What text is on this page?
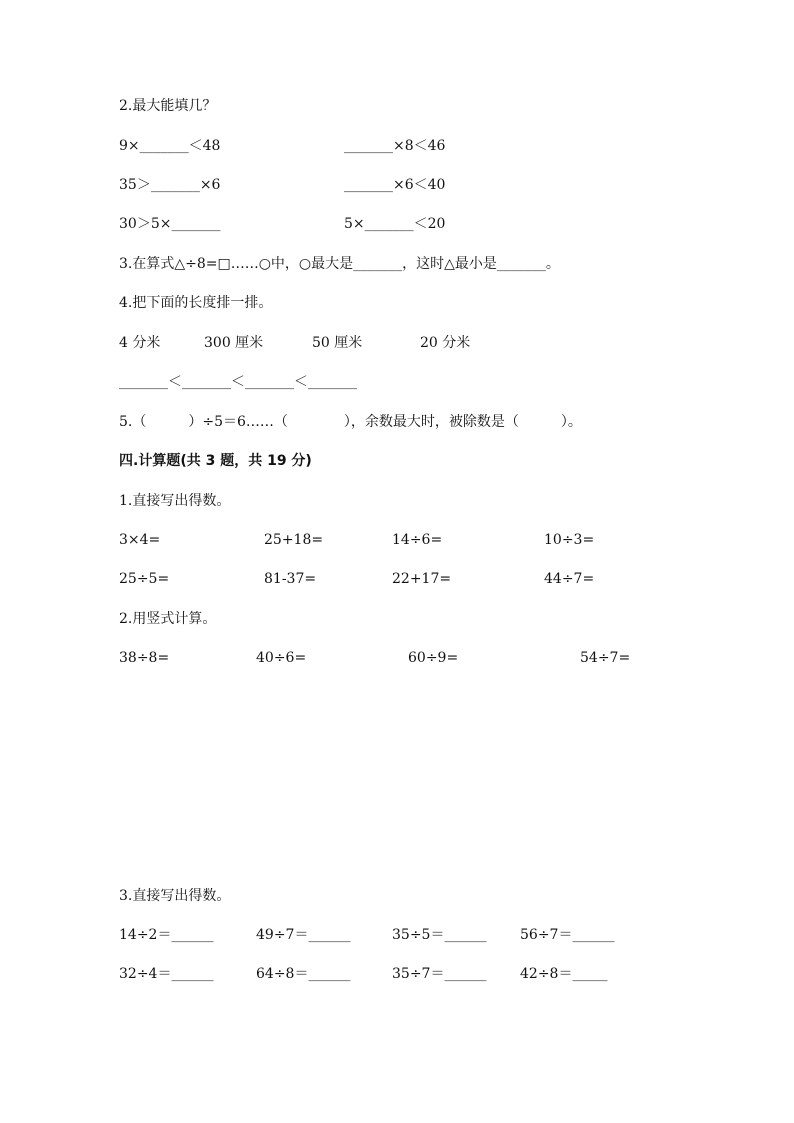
2.最大能填几？
9×_______＜48	_______×8＜46
35＞_______×6	_______×6＜40
30＞5×_______	5×_______＜20
3.在算式△÷8=□……○中，○最大是_______，这时△最小是_______。
4.把下面的长度排一排。
4 分米	300 厘米	50 厘米	20 分米
_______＜_______＜_______＜_______
5.（　　　）÷5＝6……（　　　　），余数最大时，被除数是（　　　）。
四.计算题(共 3 题，共 19 分)
1.直接写出得数。
3×4=	25+18=	14÷6=	10÷3=
25÷5=	81-37=	22+17=	44÷7=
2.用竖式计算。
38÷8=	40÷6=	60÷9=	54÷7=
3.直接写出得数。
14÷2＝______	49÷7＝______	35÷5＝______ 56÷7＝______
32÷4＝______	64÷8＝______	35÷7＝______ 42÷8＝_____
